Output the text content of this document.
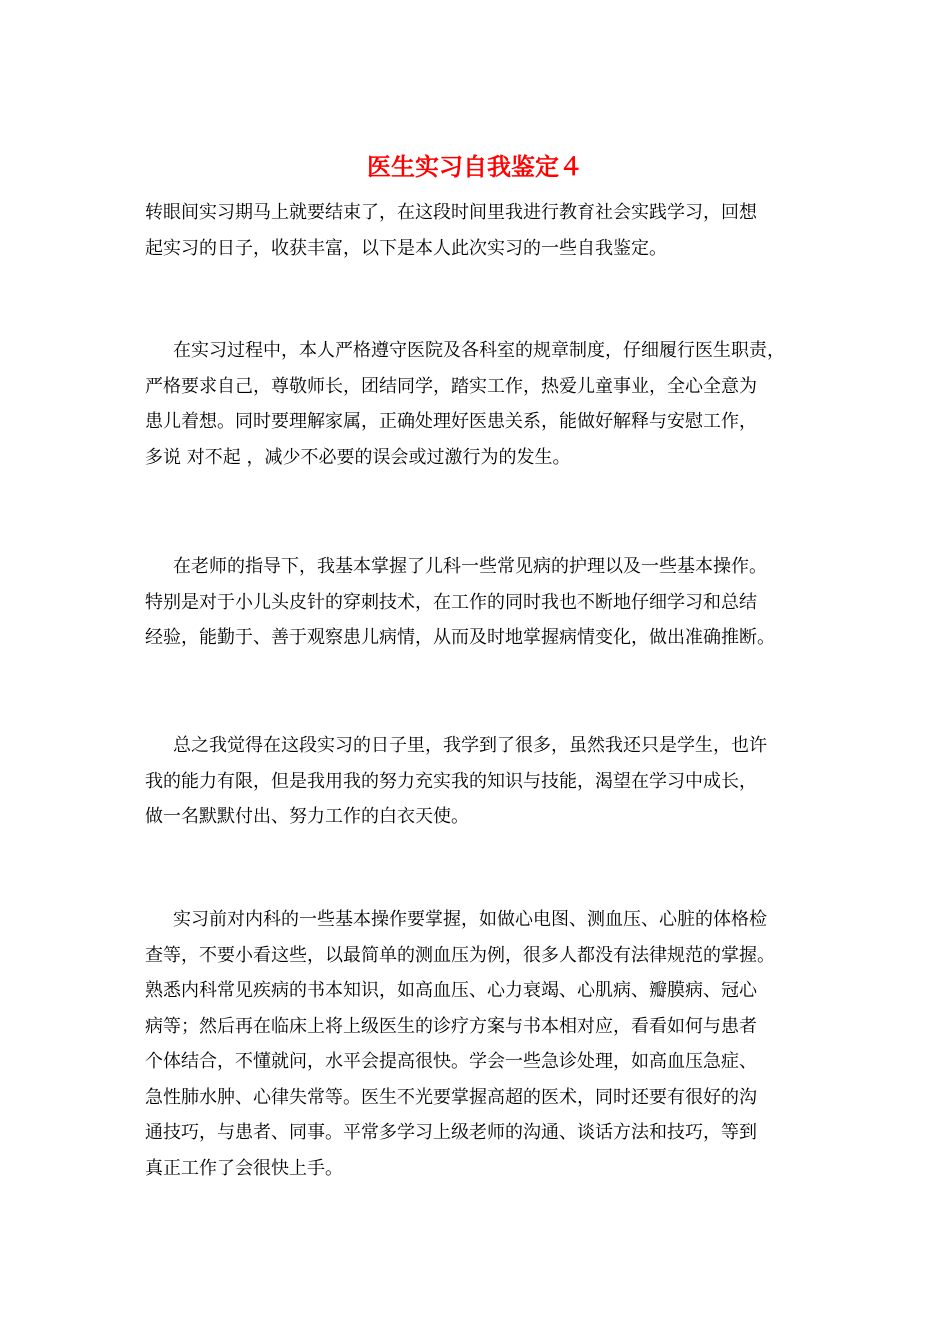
医生实习自我鉴定４
转眼间实习期马上就要结束了，在这段时间里我进行教育社会实践学习，回想
起实习的日子，收获丰富，以下是本人此次实习的一些自我鉴定。
在实习过程中，本人严格遵守医院及各科室的规章制度，仔细履行医生职责，
严格要求自己，尊敬师长，团结同学，踏实工作，热爱儿童事业，全心全意为
患儿着想。同时要理解家属，正确处理好医患关系，能做好解释与安慰工作，
多说 对不起 ，减少不必要的误会或过激行为的发生。
在老师的指导下，我基本掌握了儿科一些常见病的护理以及一些基本操作。
特别是对于小儿头皮针的穿刺技术，在工作的同时我也不断地仔细学习和总结
经验，能勤于、善于观察患儿病情，从而及时地掌握病情变化，做出准确推断。
总之我觉得在这段实习的日子里，我学到了很多，虽然我还只是学生，也许
我的能力有限，但是我用我的努力充实我的知识与技能，渴望在学习中成长，
做一名默默付出、努力工作的白衣天使。
实习前对内科的一些基本操作要掌握，如做心电图、测血压、心脏的体格检
查等，不要小看这些，以最简单的测血压为例，很多人都没有法律规范的掌握。
熟悉内科常见疾病的书本知识，如高血压、心力衰竭、心肌病、瓣膜病、冠心
病等；然后再在临床上将上级医生的诊疗方案与书本相对应，看看如何与患者
个体结合，不懂就问，水平会提高很快。学会一些急诊处理，如高血压急症、
急性肺水肿、心律失常等。医生不光要掌握高超的医术，同时还要有很好的沟
通技巧，与患者、同事。平常多学习上级老师的沟通、谈话方法和技巧，等到
真正工作了会很快上手。
